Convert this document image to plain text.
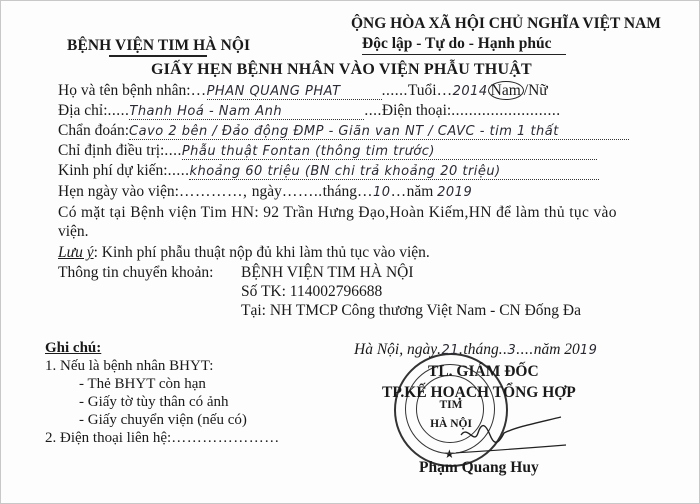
BỆNH VIỆN TIM HÀ NỘI
ỘNG HÒA XÃ HỘI CHỦ NGHĨA VIỆT NAM
Độc lập - Tự do - Hạnh phúc
GIẤY HẸN BỆNH NHÂN VÀO VIỆN PHẪU THUẬT
Họ và tên bệnh nhân:…PHAN QUANG PHAT	......Tuổi…2014 Nam /Nữ
Địa chỉ:.....Thanh Hoá - Nam Anh	....Điện thoại:.........................
Chẩn đoán:Cavo 2 bên / Đảo động ĐMP - Giãn van NT / CAVC - tim 1 thất
Chỉ định điều trị:....Phẫu thuật Fontan (thông tim trước)
Kinh phí dự kiến:.....khoảng 60 triệu (BN chi trả khoảng 20 triệu)
Hẹn ngày vào viện:…………, ngày……..tháng…10…năm 2019
Có mặt tại Bệnh viện Tim HN: 92 Trần Hưng Đạo,Hoàn Kiếm,HN để làm thủ tục vào
viện.
Lưu ý: Kinh phí phẫu thuật nộp đủ khi làm thủ tục vào viện.
Thông tin chuyển khoản: BỆNH VIỆN TIM HÀ NỘI
Số TK: 114002796688
Tại: NH TMCP Công thương Việt Nam - CN Đống Đa
Ghi chú:
1. Nếu là bệnh nhân BHYT:
- Thẻ BHYT còn hạn
- Giấy tờ tùy thân có ảnh
- Giấy chuyển viện (nếu có)
2. Điện thoại liên hệ:…………………
TIM
HÀ NỘI
★
Hà Nội, ngày.21.tháng..3....năm 2019
TL. GIÁM ĐỐC
TP.KẾ HOẠCH TỔNG HỢP
Phạm Quang Huy
